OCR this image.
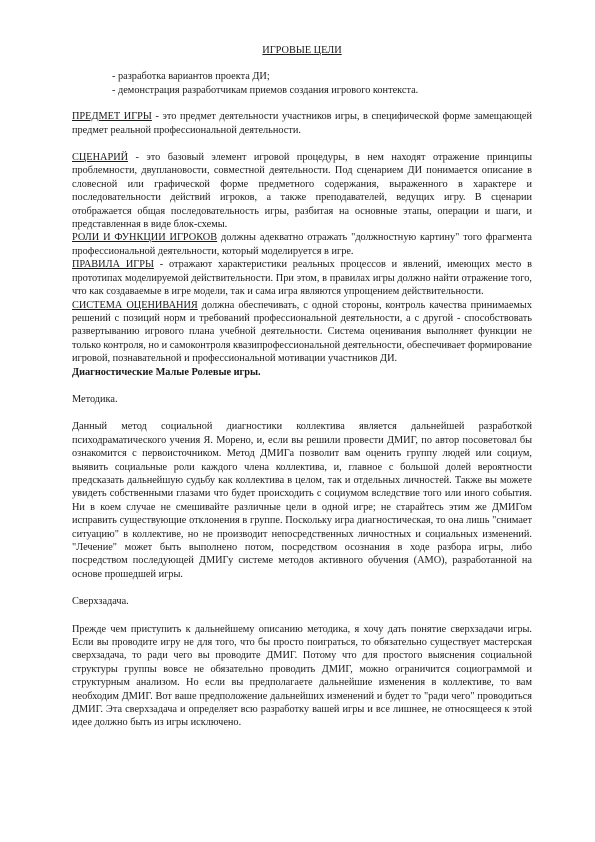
ИГРОВЫЕ ЦЕЛИ
- разработка вариантов проекта ДИ;
- демонстрация разработчикам приемов создания игрового контекста.

ПРЕДМЕТ ИГРЫ - это предмет деятельности участников игры, в специфической форме замещающей предмет реальной профессиональной деятельности.

СЦЕНАРИЙ - это базовый элемент игровой процедуры, в нем находят отражение принципы проблемности, двуплановости, совместной деятельности. Под сценарием ДИ понимается описание в словесной или графической форме предметного содержания, выраженного в характере и последовательности действий игроков, а также преподавателей, ведущих игру. В сценарии отображается общая последовательность игры, разбитая на основные этапы, операции и шаги, и представленная в виде блок-схемы.

РОЛИ И ФУНКЦИИ ИГРОКОВ должны адекватно отражать "должностную картину" того фрагмента профессиональной деятельности, который моделируется в игре.

ПРАВИЛА ИГРЫ - отражают характеристики реальных процессов и явлений, имеющих место в прототипах моделируемой действительности. При этом, в правилах игры должно найти отражение того, что как создаваемые в игре модели, так и сама игра являются упрощением действительности.

СИСТЕМА ОЦЕНИВАНИЯ должна обеспечивать, с одной стороны, контроль качества принимаемых решений с позиций норм и требований профессиональной деятельности, а с другой - способствовать развертыванию игрового плана учебной деятельности. Система оценивания выполняет функции не только контроля, но и самоконтроля квазипрофессиональной деятельности, обеспечивает формирование игровой, познавательной и профессиональной мотивации участников ДИ.

Диагностические Малые Ролевые игры.
Методика.

Данный метод социальной диагностики коллектива является дальнейшей разработкой психодраматического учения Я. Морено, и, если вы решили провести ДМИГ, по автор посоветовал бы ознакомится с первоисточником. Метод ДМИГа позволит вам оценить группу людей или социум, выявить социальные роли каждого члена коллектива, и, главное с большой долей вероятности предсказать дальнейшую судьбу как коллектива в целом, так и отдельных личностей. Также вы можете увидеть собственными глазами что будет происходить с социумом вследствие того или иного события. Ни в коем случае не смешивайте различные цели в одной игре; не старайтесь этим же ДМИГом исправить существующие отклонения в группе. Поскольку игра диагностическая, то она лишь "снимает ситуацию" в коллективе, но не производит непосредственных личностных и социальных изменений. "Лечение" может быть выполнено потом, посредством осознания в ходе разбора игры, либо посредством последующей ДМИГу системе методов активного обучения (АМО), разработанной на основе прошедшей игры.

Сверхзадача.

Прежде чем приступить к дальнейшему описанию методика, я хочу дать понятие сверхзадачи игры. Если вы проводите игру не для того, что бы просто поиграться, то обязательно существует мастерская сверхзадача, то ради чего вы проводите ДМИГ. Потому что для простого выяснения социальной структуры группы вовсе не обязательно проводить ДМИГ, можно ограничится социограммой и структурным анализом. Но если вы предполагаете дальнейшие изменения в коллективе, то вам необходим ДМИГ. Вот ваше предположение дальнейших изменений и будет то "ради чего" проводиться ДМИГ. Эта сверхзадача и определяет всю разработку вашей игры и все лишнее, не относящееся к этой идее должно быть из игры исключено.
